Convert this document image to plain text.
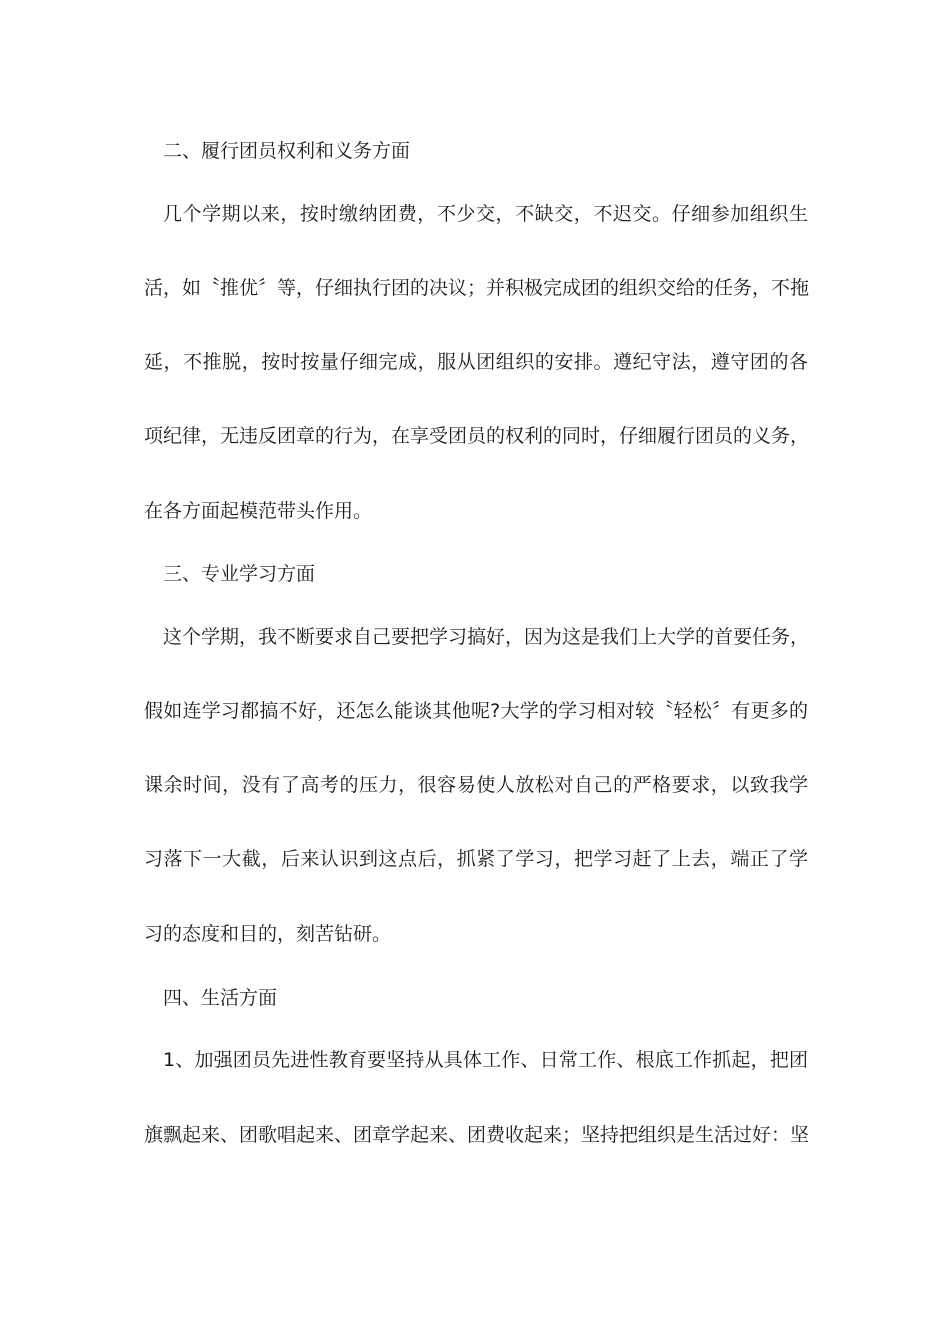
二、履行团员权利和义务方面
几个学期以来，按时缴纳团费，不少交，不缺交，不迟交。仔细参加组织生
活，如〝推优〞等，仔细执行团的决议；并积极完成团的组织交给的任务，不拖
延，不推脱，按时按量仔细完成，服从团组织的安排。遵纪守法，遵守团的各
项纪律，无违反团章的行为，在享受团员的权利的同时，仔细履行团员的义务，
在各方面起模范带头作用。
三、专业学习方面
这个学期，我不断要求自己要把学习搞好，因为这是我们上大学的首要任务，
假如连学习都搞不好，还怎么能谈其他呢?大学的学习相对较〝轻松〞有更多的
课余时间，没有了高考的压力，很容易使人放松对自己的严格要求，以致我学
习落下一大截，后来认识到这点后，抓紧了学习，把学习赶了上去，端正了学
习的态度和目的，刻苦钻研。
四、生活方面
1、加强团员先进性教育要坚持从具体工作、日常工作、根底工作抓起，把团
旗飘起来、团歌唱起来、团章学起来、团费收起来；坚持把组织是生活过好：坚
